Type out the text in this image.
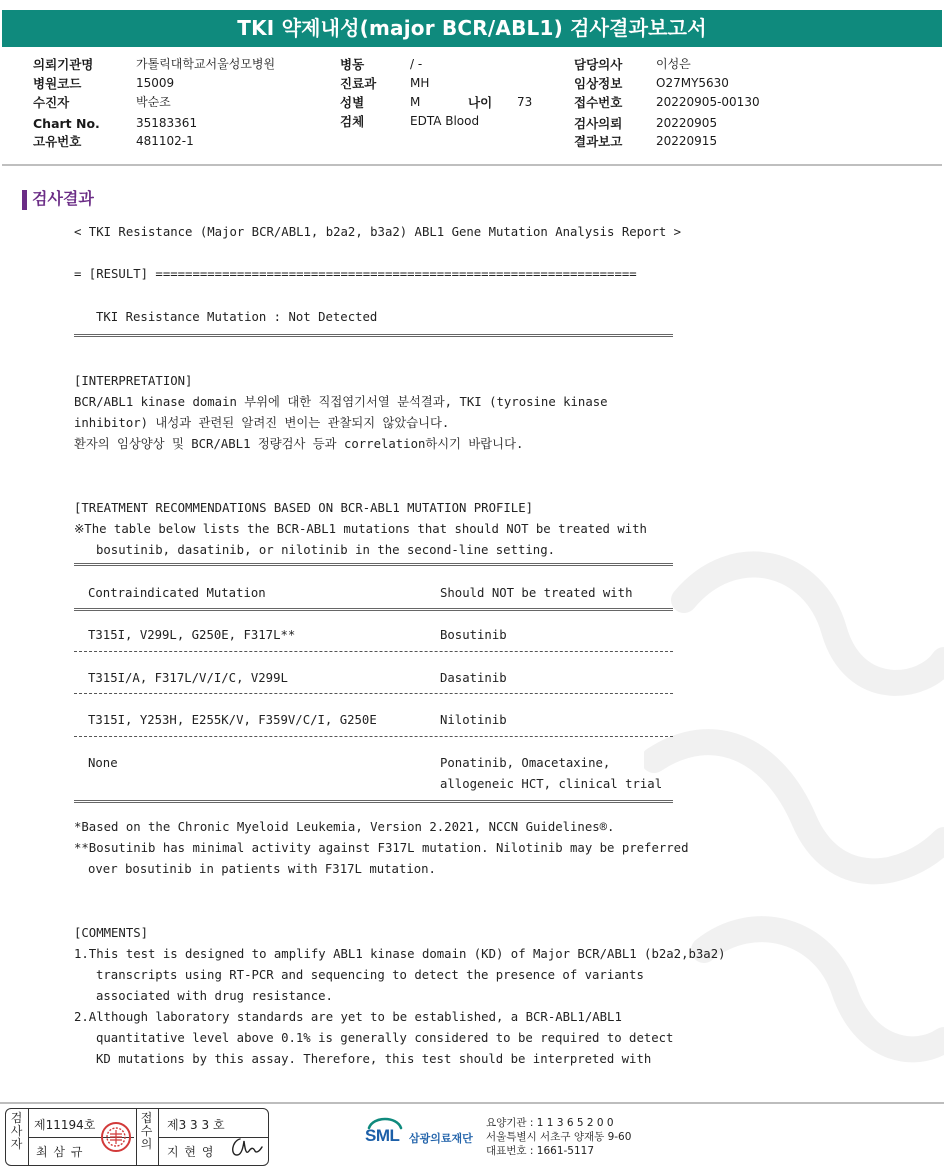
TKI 약제내성(major BCR/ABL1) 검사결과보고서
의뢰기관명	가톨릭대학교서울성모병원
병원코드	15009
수진자	박순조
Chart No.	35183361
고유번호	481102-1
병동	/ -
진료과	MH
성별	M	나이 73
검체	EDTA Blood
담당의사	이성은
임상정보	O27MY5630
접수번호	20220905-00130
검사의뢰	20220905
결과보고	20220915
검사결과
< TKI Resistance (Major BCR/ABL1, b2a2, b3a2) ABL1 Gene Mutation Analysis Report >
= [RESULT] =================================================================
TKI Resistance Mutation : Not Detected
[INTERPRETATION]
BCR/ABL1 kinase domain 부위에 대한 직접염기서열 분석결과, TKI (tyrosine kinase
inhibitor) 내성과 관련된 알려진 변이는 관찰되지 않았습니다.
환자의 임상양상 및 BCR/ABL1 정량검사 등과 correlation하시기 바랍니다.
[TREATMENT RECOMMENDATIONS BASED ON BCR-ABL1 MUTATION PROFILE]
※The table below lists the BCR-ABL1 mutations that should NOT be treated with
bosutinib, dasatinib, or nilotinib in the second-line setting.
Contraindicated Mutation	Should NOT be treated with
T315I, V299L, G250E, F317L**	Bosutinib
T315I/A, F317L/V/I/C, V299L	Dasatinib
T315I, Y253H, E255K/V, F359V/C/I, G250E	Nilotinib
None	Ponatinib, Omacetaxine,
allogeneic HCT, clinical trial
*Based on the Chronic Myeloid Leukemia, Version 2.2021, NCCN Guidelines®.
**Bosutinib has minimal activity against F317L mutation. Nilotinib may be preferred
over bosutinib in patients with F317L mutation.
[COMMENTS]
1.This test is designed to amplify ABL1 kinase domain (KD) of Major BCR/ABL1 (b2a2,b3a2)
transcripts using RT-PCR and sequencing to detect the presence of variants
associated with drug resistance.
2.Although laboratory standards are yet to be established, a BCR-ABL1/ABL1
quantitative level above 0.1% is generally considered to be required to detect
KD mutations by this assay. Therefore, this test should be interpreted with
검
사
자
제11194호
최 삼 규
접
수
의
제3 3 3 호
지 현 영
SML 삼광의료재단
요양기관 : 1 1 3 6 5 2 0 0
서울특별시 서초구 양재동 9-60
대표번호 : 1661-5117
